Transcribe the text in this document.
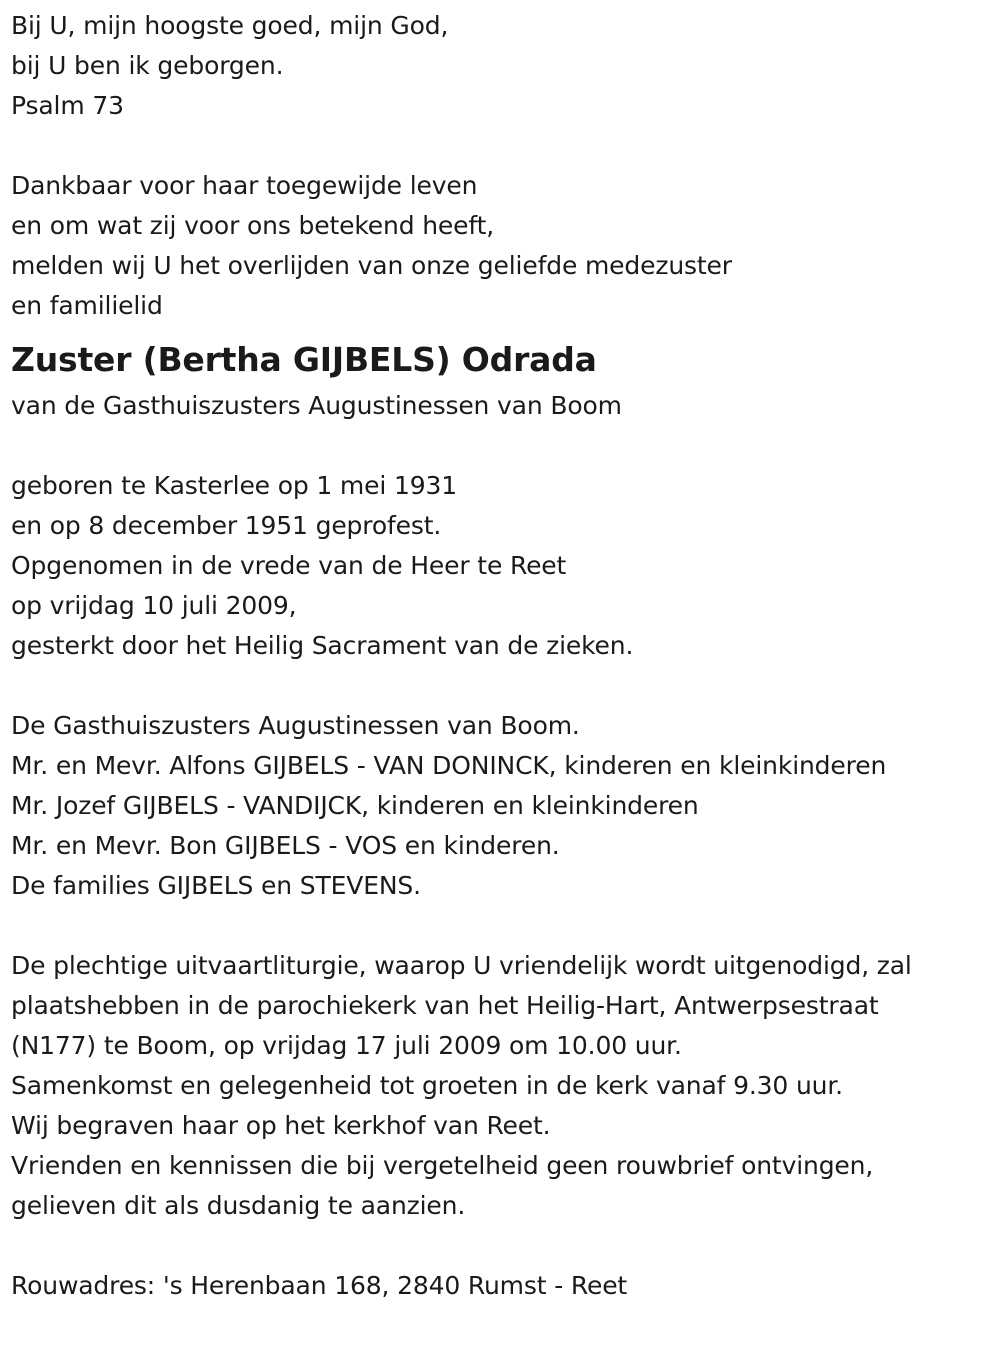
Bij U, mijn hoogste goed, mijn God,
bij U ben ik geborgen.
Psalm 73
Dankbaar voor haar toegewijde leven
en om wat zij voor ons betekend heeft,
melden wij U het overlijden van onze geliefde medezuster
en familielid
Zuster (Bertha GIJBELS) Odrada
van de Gasthuiszusters Augustinessen van Boom
geboren te Kasterlee op 1 mei 1931
en op 8 december 1951 geprofest.
Opgenomen in de vrede van de Heer te Reet
op vrijdag 10 juli 2009,
gesterkt door het Heilig Sacrament van de zieken.
De Gasthuiszusters Augustinessen van Boom.
Mr. en Mevr. Alfons GIJBELS - VAN DONINCK, kinderen en kleinkinderen
Mr. Jozef GIJBELS - VANDIJCK, kinderen en kleinkinderen
Mr. en Mevr. Bon GIJBELS - VOS en kinderen.
De families GIJBELS en STEVENS.
De plechtige uitvaartliturgie, waarop U vriendelijk wordt uitgenodigd, zal
plaatshebben in de parochiekerk van het Heilig-Hart, Antwerpsestraat
(N177) te Boom, op vrijdag 17 juli 2009 om 10.00 uur.
Samenkomst en gelegenheid tot groeten in de kerk vanaf 9.30 uur.
Wij begraven haar op het kerkhof van Reet.
Vrienden en kennissen die bij vergetelheid geen rouwbrief ontvingen,
gelieven dit als dusdanig te aanzien.
Rouwadres: 's Herenbaan 168, 2840 Rumst - Reet
